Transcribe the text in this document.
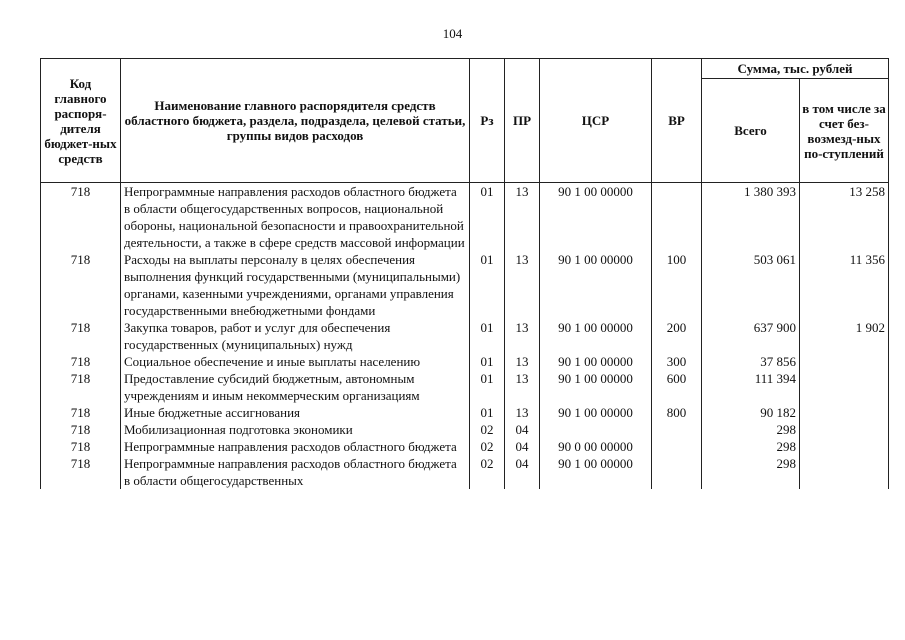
104
Код главного распоря-дителя бюджет-ных средств	Наименование главного распорядителя средств областного бюджета, раздела, подраздела, целевой статьи, группы видов расходов	Рз	ПР	ЦСР	ВР	Сумма, тыс. рублей	
						Всего	в том числе за счет без-возмезд-ных по-ступлений
718	Непрограммные направления расходов областного бюджета в области общегосударственных вопросов, национальной обороны, национальной безопасности и правоохранительной деятельности, а также в сфере средств массовой информации	01	13	90 1 00 00000		1 380 393	13 258
718	Расходы на выплаты персоналу в целях обеспечения выполнения функций государственными (муниципальными) органами, казенными учреждениями, органами управления государственными внебюджетными фондами	01	13	90 1 00 00000	100	503 061	11 356
718	Закупка товаров, работ и услуг для обеспечения государственных (муниципальных) нужд	01	13	90 1 00 00000	200	637 900	1 902
718	Социальное обеспечение и иные выплаты населению	01	13	90 1 00 00000	300	37 856	
718	Предоставление субсидий бюджетным, автономным учреждениям и иным некоммерческим организациям	01	13	90 1 00 00000	600	111 394	
718	Иные бюджетные ассигнования	01	13	90 1 00 00000	800	90 182	
718	Мобилизационная подготовка экономики	02	04			298	
718	Непрограммные направления расходов областного бюджета	02	04	90 0 00 00000		298	
718	Непрограммные направления расходов областного бюджета в области общегосударственных	02	04	90 1 00 00000		298	
